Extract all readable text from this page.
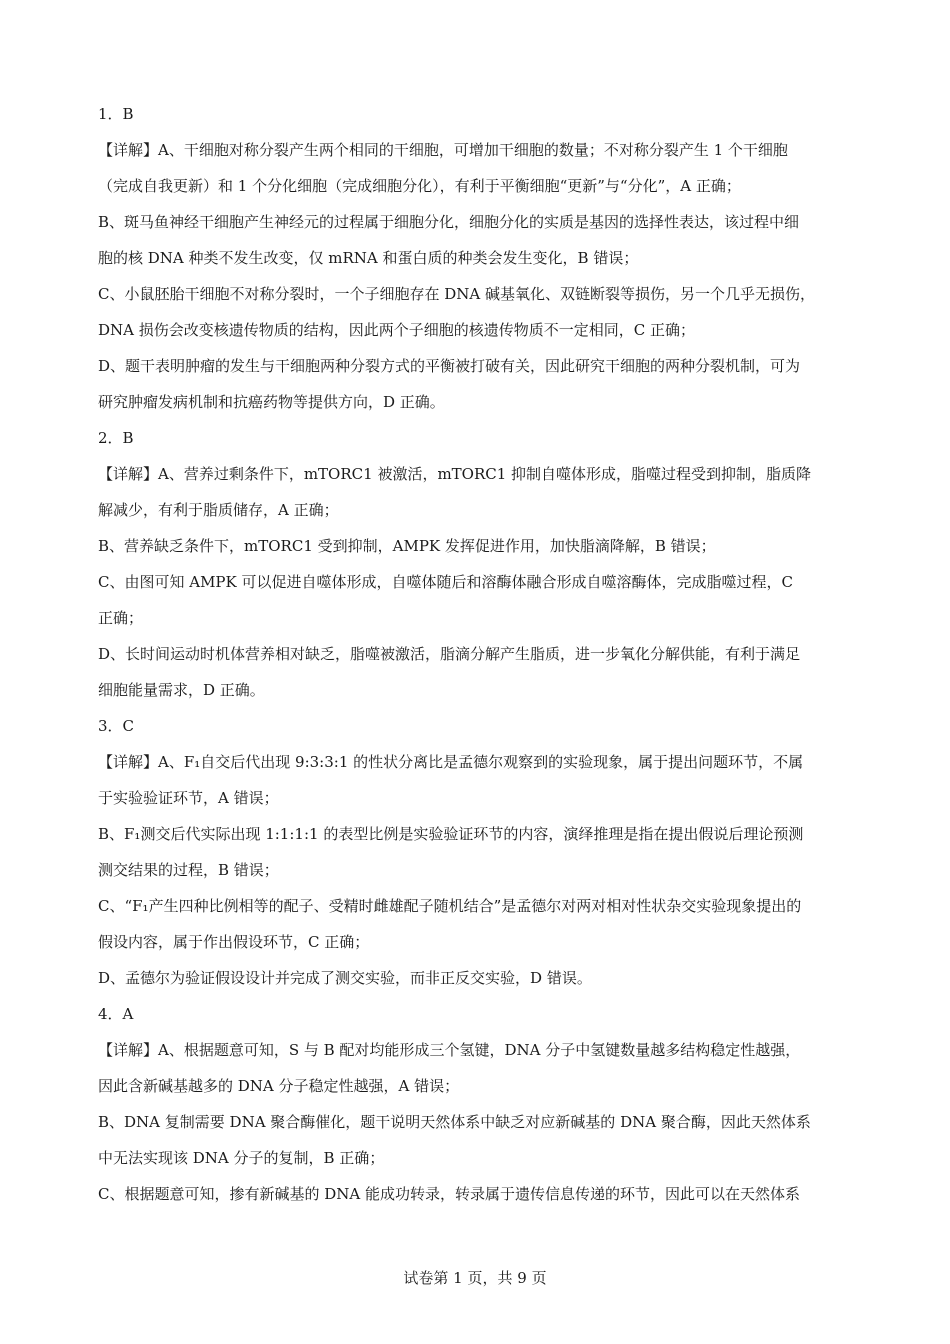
1．B
【详解】A、干细胞对称分裂产生两个相同的干细胞，可增加干细胞的数量；不对称分裂产生 1 个干细胞
（完成自我更新）和 1 个分化细胞（完成细胞分化），有利于平衡细胞“更新”与“分化”，A 正确；
B、斑马鱼神经干细胞产生神经元的过程属于细胞分化，细胞分化的实质是基因的选择性表达，该过程中细
胞的核 DNA 种类不发生改变，仅 mRNA 和蛋白质的种类会发生变化，B 错误；
C、小鼠胚胎干细胞不对称分裂时，一个子细胞存在 DNA 碱基氧化、双链断裂等损伤，另一个几乎无损伤，
DNA 损伤会改变核遗传物质的结构，因此两个子细胞的核遗传物质不一定相同，C 正确；
D、题干表明肿瘤的发生与干细胞两种分裂方式的平衡被打破有关，因此研究干细胞的两种分裂机制，可为
研究肿瘤发病机制和抗癌药物等提供方向，D 正确。
2．B
【详解】A、营养过剩条件下，mTORC1 被激活，mTORC1 抑制自噬体形成，脂噬过程受到抑制，脂质降
解减少，有利于脂质储存，A 正确；
B、营养缺乏条件下，mTORC1 受到抑制，AMPK 发挥促进作用，加快脂滴降解，B 错误；
C、由图可知 AMPK 可以促进自噬体形成，自噬体随后和溶酶体融合形成自噬溶酶体，完成脂噬过程，C
正确；
D、长时间运动时机体营养相对缺乏，脂噬被激活，脂滴分解产生脂质，进一步氧化分解供能，有利于满足
细胞能量需求，D 正确。
3．C
【详解】A、F₁自交后代出现 9:3:3:1 的性状分离比是孟德尔观察到的实验现象，属于提出问题环节，不属
于实验验证环节，A 错误；
B、F₁测交后代实际出现 1:1:1:1 的表型比例是实验验证环节的内容，演绎推理是指在提出假说后理论预测
测交结果的过程，B 错误；
C、“F₁产生四种比例相等的配子、受精时雌雄配子随机结合”是孟德尔对两对相对性状杂交实验现象提出的
假设内容，属于作出假设环节，C 正确；
D、孟德尔为验证假设设计并完成了测交实验，而非正反交实验，D 错误。
4．A
【详解】A、根据题意可知，S 与 B 配对均能形成三个氢键，DNA 分子中氢键数量越多结构稳定性越强，
因此含新碱基越多的 DNA 分子稳定性越强，A 错误；
B、DNA 复制需要 DNA 聚合酶催化，题干说明天然体系中缺乏对应新碱基的 DNA 聚合酶，因此天然体系
中无法实现该 DNA 分子的复制，B 正确；
C、根据题意可知，掺有新碱基的 DNA 能成功转录，转录属于遗传信息传递的环节，因此可以在天然体系
试卷第 1 页，共 9 页
